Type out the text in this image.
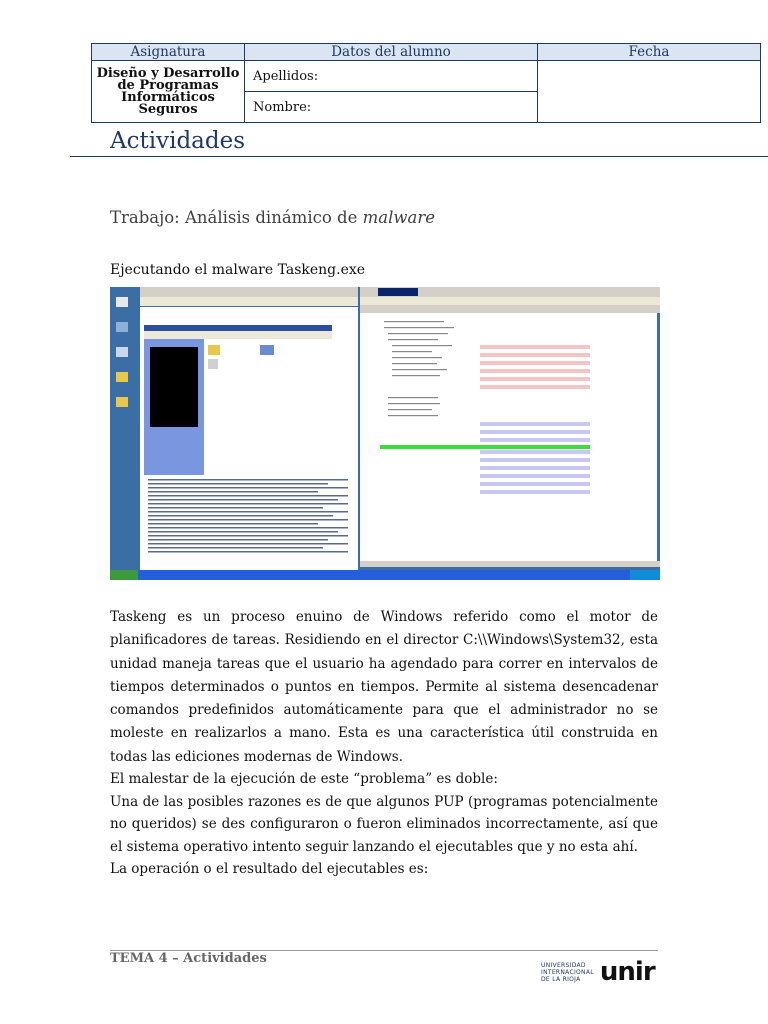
Asignatura	Datos del alumno	Fecha
Diseño y Desarrollo de Programas Informáticos Seguros	Apellidos:	
	Nombre:	
Actividades
Trabajo: Análisis dinámico de malware
Ejecutando el malware Taskeng.exe

Taskeng es un proceso enuino de Windows referido como el motor de planificadores de tareas. Residiendo en el director C:\\Windows\System32, esta unidad maneja tareas que el usuario ha agendado para correr en intervalos de tiempos determinados o puntos en tiempos. Permite al sistema desencadenar comandos predefinidos automáticamente para que el administrador no se moleste en realizarlos a mano. Esta es una característica útil construida en todas las ediciones modernas de Windows.

El malestar de la ejecución de este “problema” es doble:
Una de las posibles razones es de que algunos PUP (programas potencialmente no queridos) se des configuraron o fueron eliminados incorrectamente, así que el sistema operativo intento seguir lanzando el ejecutables que y no esta ahí.
La operación o el resultado del ejecutables es:
TEMA 4 – Actividades	UNIVERSIDAD
INTERNACIONAL
DE LA RIOJA unir
